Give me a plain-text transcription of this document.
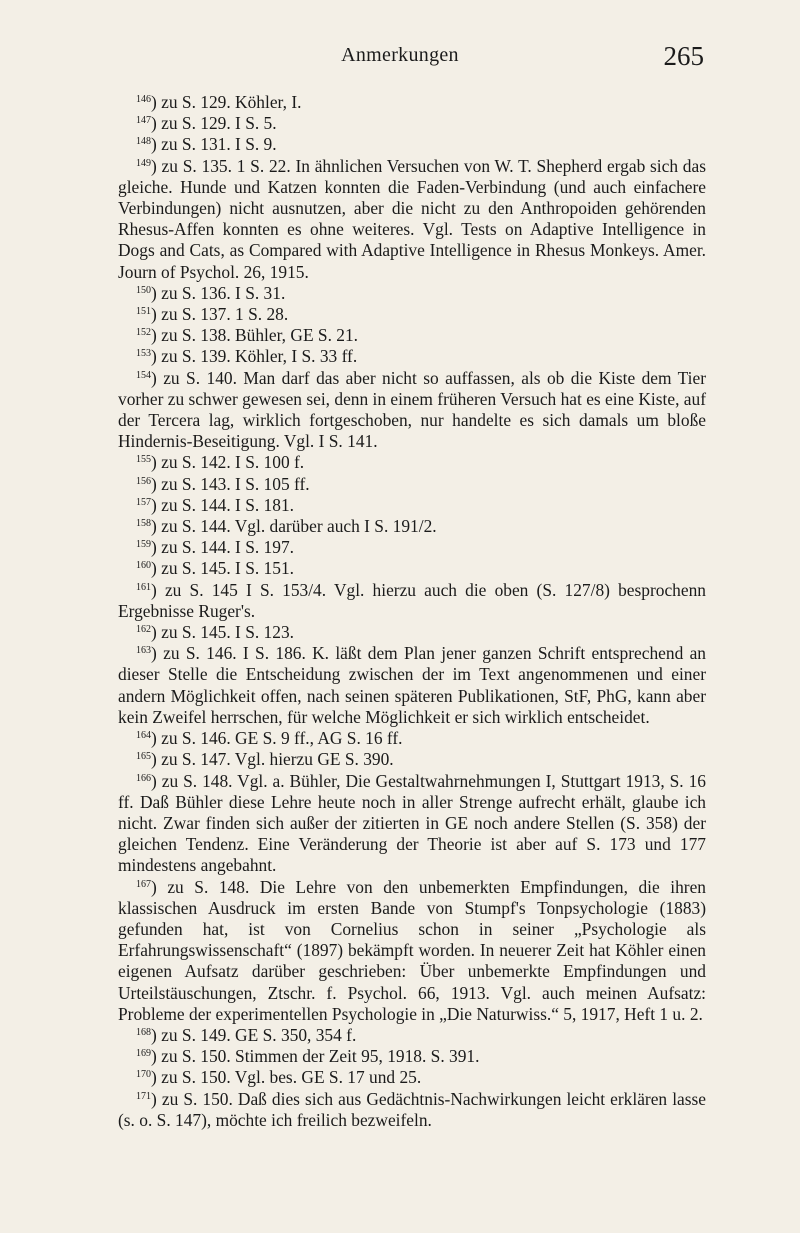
Anmerkungen	265

$^{146}$) zu S. 129. Köhler, I.

$^{147}$) zu S. 129. I S. 5.

$^{148}$) zu S. 131. I S. 9.

$^{149}$) zu S. 135. 1 S. 22. In ähnlichen Versuchen von W. T. Shepherd ergab sich das gleiche. Hunde und Katzen konnten die Faden-Verbindung (und auch einfachere Verbindungen) nicht ausnutzen, aber die nicht zu den Anthropoiden gehörenden Rhesus-Affen konnten es ohne weiteres. Vgl. Tests on Adaptive Intelligence in Dogs and Cats, as Compared with Adaptive Intelligence in Rhesus Monkeys. Amer. Journ of Psychol. 26, 1915.

$^{150}$) zu S. 136. I S. 31.

$^{151}$) zu S. 137. 1 S. 28.

$^{152}$) zu S. 138. Bühler, GE S. 21.

$^{153}$) zu S. 139. Köhler, I S. 33 ff.

$^{154}$) zu S. 140. Man darf das aber nicht so auffassen, als ob die Kiste dem Tier vorher zu schwer gewesen sei, denn in einem früheren Versuch hat es eine Kiste, auf der Tercera lag, wirklich fortgeschoben, nur handelte es sich damals um bloße Hindernis-Beseitigung. Vgl. I S. 141.

$^{155}$) zu S. 142. I S. 100 f.

$^{156}$) zu S. 143. I S. 105 ff.

$^{157}$) zu S. 144. I S. 181.

$^{158}$) zu S. 144. Vgl. darüber auch I S. 191/2.

$^{159}$) zu S. 144. I S. 197.

$^{160}$) zu S. 145. I S. 151.

$^{161}$) zu S. 145 I S. 153/4. Vgl. hierzu auch die oben (S. 127/8) besprochenn Ergebnisse Ruger's.

$^{162}$) zu S. 145. I S. 123.

$^{163}$) zu S. 146. I S. 186. K. läßt dem Plan jener ganzen Schrift entsprechend an dieser Stelle die Entscheidung zwischen der im Text angenommenen und einer andern Möglichkeit offen, nach seinen späteren Publikationen, StF, PhG, kann aber kein Zweifel herrschen, für welche Möglichkeit er sich wirklich entscheidet.

$^{164}$) zu S. 146. GE S. 9 ff., AG S. 16 ff.

$^{165}$) zu S. 147. Vgl. hierzu GE S. 390.

$^{166}$) zu S. 148. Vgl. a. Bühler, Die Gestaltwahrnehmungen I, Stuttgart 1913, S. 16 ff. Daß Bühler diese Lehre heute noch in aller Strenge aufrecht erhält, glaube ich nicht. Zwar finden sich außer der zitierten in GE noch andere Stellen (S. 358) der gleichen Tendenz. Eine Veränderung der Theorie ist aber auf S. 173 und 177 mindestens angebahnt.

$^{167}$) zu S. 148. Die Lehre von den unbemerkten Empfindungen, die ihren klassischen Ausdruck im ersten Bande von Stumpf's Tonpsychologie (1883) gefunden hat, ist von Cornelius schon in seiner „Psychologie als Erfahrungswissenschaft“ (1897) bekämpft worden. In neuerer Zeit hat Köhler einen eigenen Aufsatz darüber geschrieben: Über unbemerkte Empfindungen und Urteilstäuschungen, Ztschr. f. Psychol. 66, 1913. Vgl. auch meinen Aufsatz: Probleme der experimentellen Psychologie in „Die Naturwiss.“ 5, 1917, Heft 1 u. 2.

$^{168}$) zu S. 149. GE S. 350, 354 f.

$^{169}$) zu S. 150. Stimmen der Zeit 95, 1918. S. 391.

$^{170}$) zu S. 150. Vgl. bes. GE S. 17 und 25.

$^{171}$) zu S. 150. Daß dies sich aus Gedächtnis-Nachwirkungen leicht erklären lasse (s. o. S. 147), möchte ich freilich bezweifeln.
